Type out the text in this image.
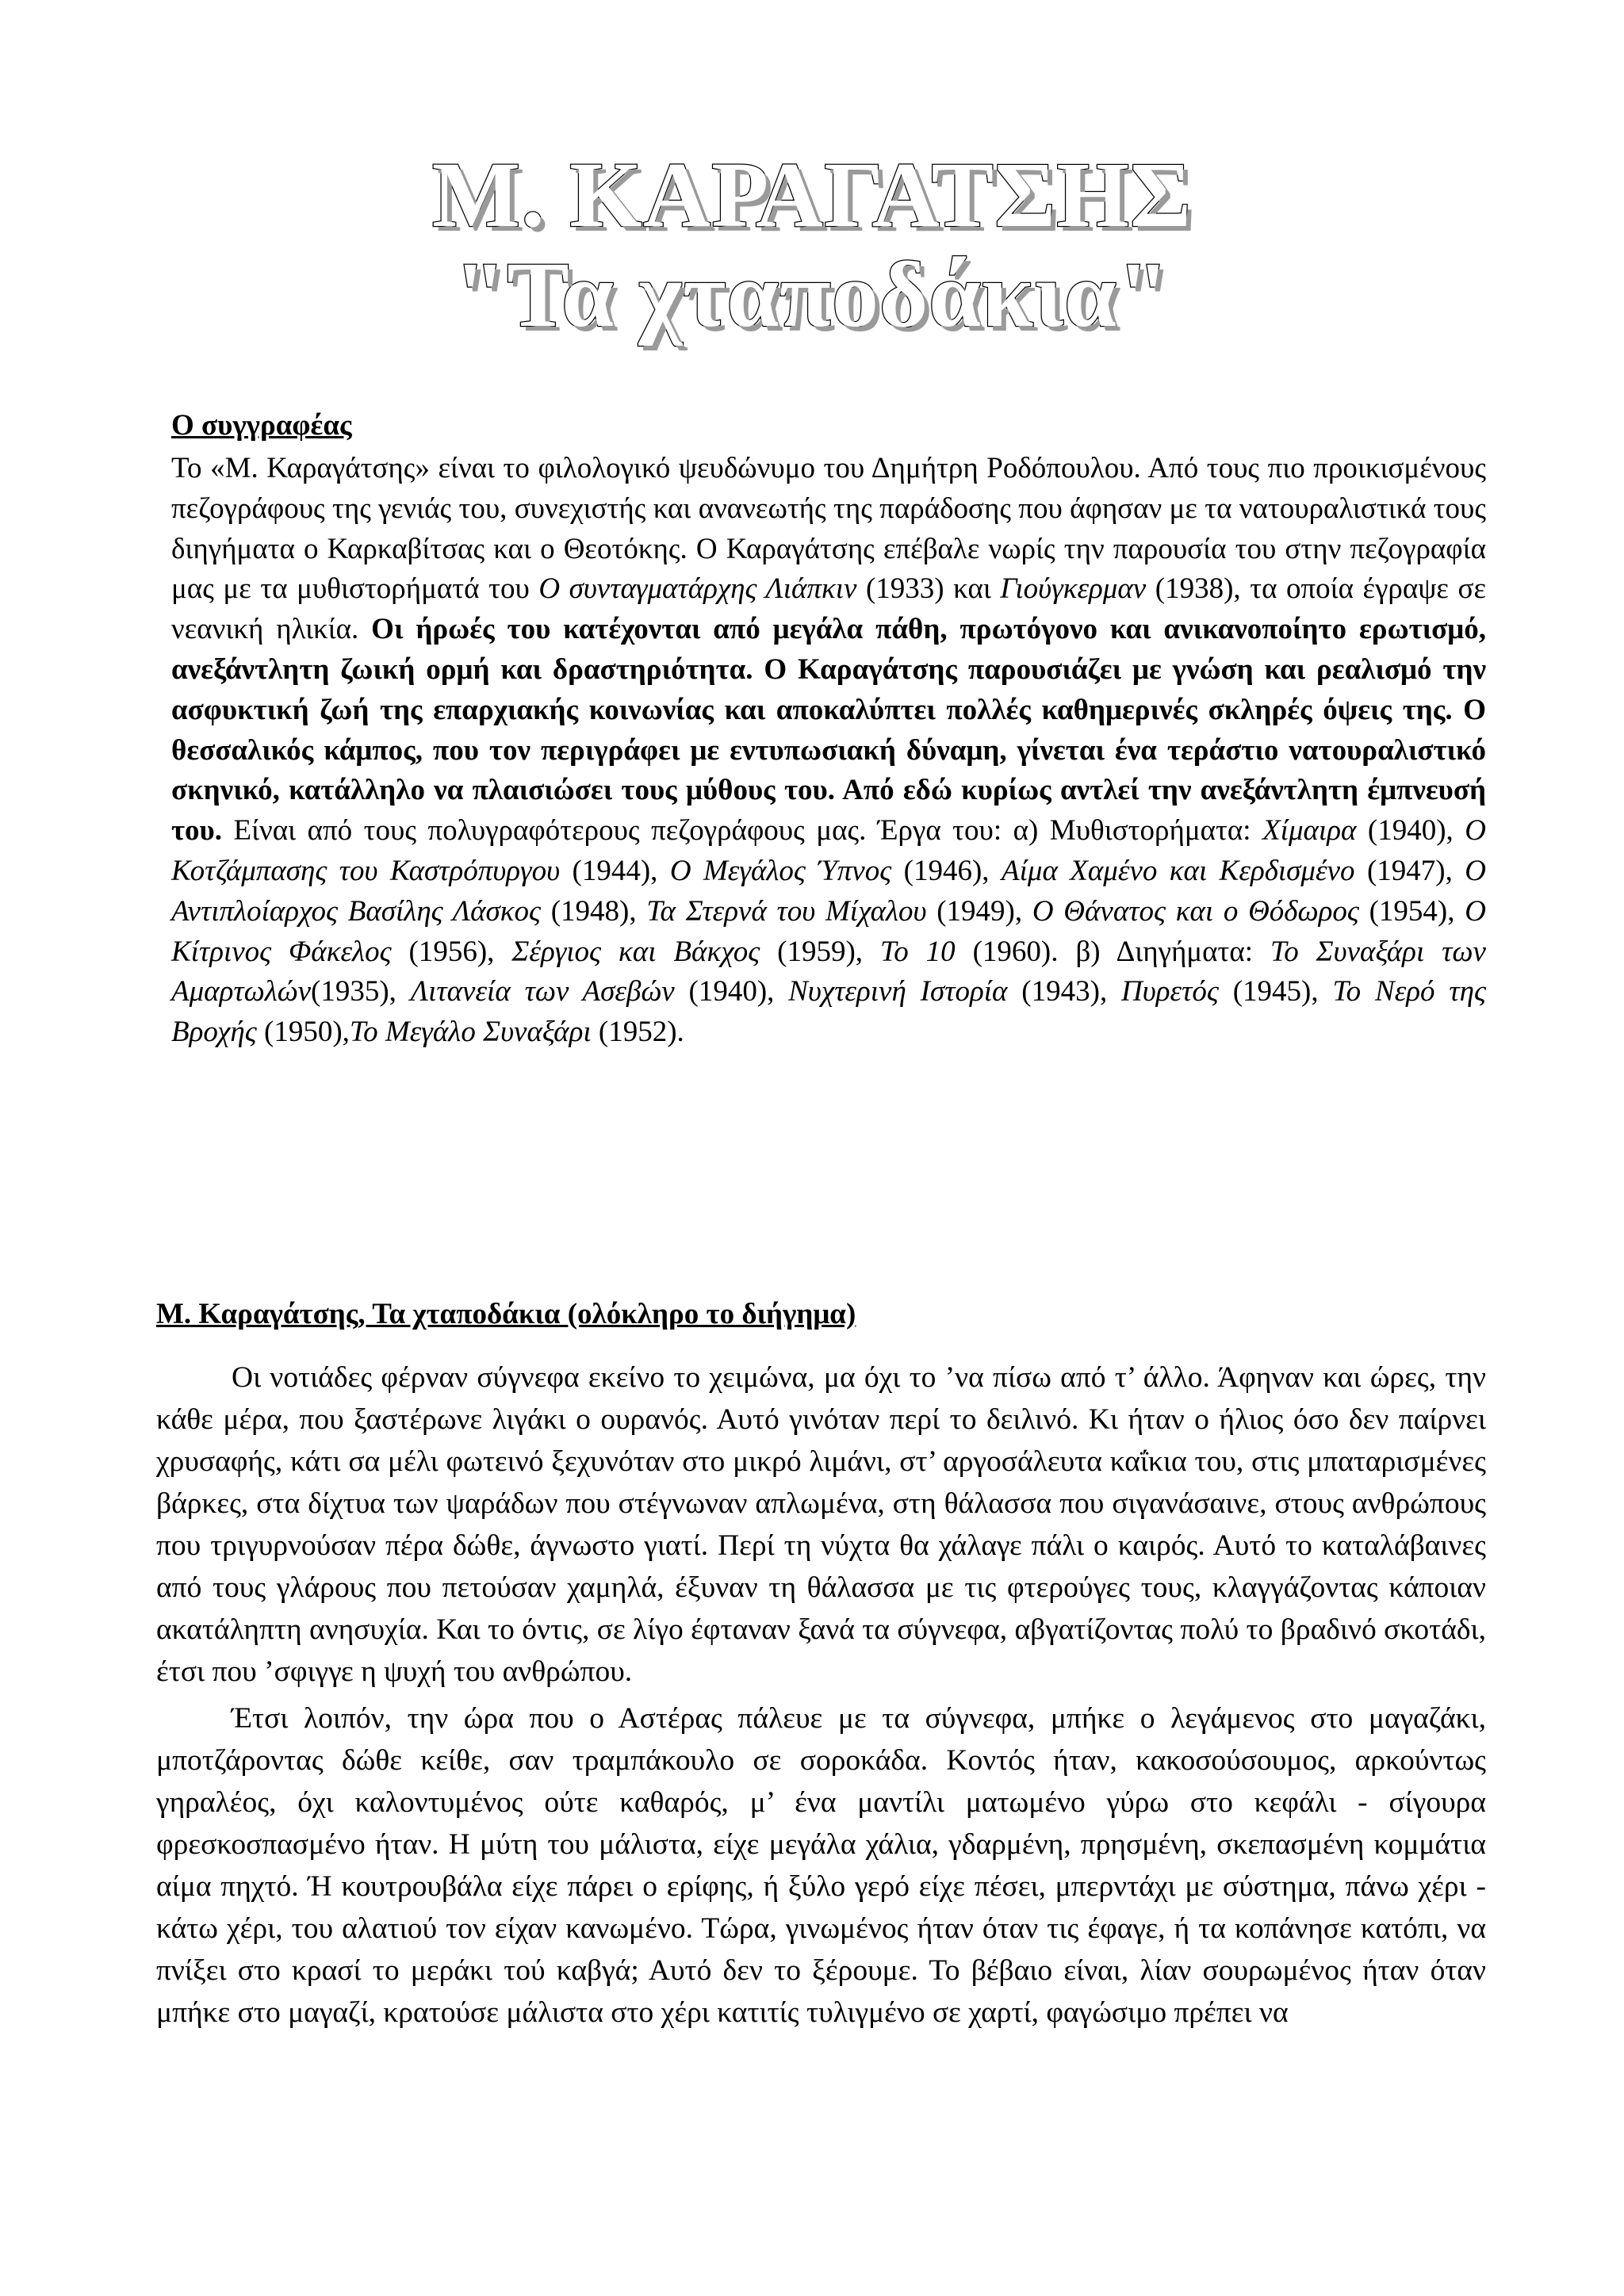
Μ. ΚΑΡΑΓΑΤΣΗΣ
"Τα χταποδάκια"
Ο συγγραφέας

Το «Μ. Καραγάτσης» είναι το φιλολογικό ψευδώνυμο του Δημήτρη Ροδόπουλου. Από τους πιο προικισμένους πεζογράφους της γενιάς του, συνεχιστής και ανανεωτής της παράδοσης που άφησαν με τα νατουραλιστικά τους διηγήματα ο Καρκαβίτσας και ο Θεοτόκης. Ο Καραγάτσης επέβαλε νωρίς την παρουσία του στην πεζογραφία μας με τα μυθιστορήματά του Ο συνταγματάρχης Λιάπκιν (1933) και Γιούγκερμαν (1938), τα οποία έγραψε σε νεανική ηλικία. Οι ήρωές του κατέχονται από μεγάλα πάθη, πρωτόγονο και ανικανοποίητο ερωτισμό, ανεξάντλητη ζωική ορμή και δραστηριότητα. Ο Καραγάτσης παρουσιάζει με γνώση και ρεαλισμό την ασφυκτική ζωή της επαρχιακής κοινωνίας και αποκαλύπτει πολλές καθημερινές σκληρές όψεις της. Ο θεσσαλικός κάμπος, που τον περιγράφει με εντυπωσιακή δύναμη, γίνεται ένα τεράστιο νατουραλιστικό σκηνικό, κατάλληλο να πλαισιώσει τους μύθους του. Από εδώ κυρίως αντλεί την ανεξάντλητη έμπνευσή του. Είναι από τους πολυγραφότερους πεζογράφους μας. Έργα του: α) Μυθιστορήματα: Χίμαιρα (1940), Ο Κοτζάμπασης του Καστρόπυργου (1944), Ο Μεγάλος Ύπνος (1946), Αίμα Χαμένο και Κερδισμένο (1947), Ο Αντιπλοίαρχος Βασίλης Λάσκος (1948), Τα Στερνά του Μίχαλου (1949), Ο Θάνατος και ο Θόδωρος (1954), Ο Κίτρινος Φάκελος (1956), Σέργιος και Βάκχος (1959), Το 10 (1960). β) Διηγήματα: Το Συναξάρι των Αμαρτωλών(1935), Λιτανεία των Ασεβών (1940), Νυχτερινή Ιστορία (1943), Πυρετός (1945), Το Νερό της Βροχής (1950),Το Μεγάλο Συναξάρι (1952).

Μ. Καραγάτσης, Τα χταποδάκια (ολόκληρο το διήγημα)

Οι νοτιάδες φέρναν σύγνεφα εκείνο το χειμώνα, μα όχι το ’να πίσω από τ’ άλλο. Άφηναν και ώρες, την κάθε μέρα, που ξαστέρωνε λιγάκι ο ουρανός. Αυτό γινόταν περί το δειλινό. Κι ήταν ο ήλιος όσο δεν παίρνει χρυσαφής, κάτι σα μέλι φωτεινό ξεχυνόταν στο μικρό λιμάνι, στ’ αργοσάλευτα καΐκια του, στις μπαταρισμένες βάρκες, στα δίχτυα των ψαράδων που στέγνωναν απλωμένα, στη θάλασσα που σιγανάσαινε, στους ανθρώπους που τριγυρνούσαν πέρα δώθε, άγνωστο γιατί. Περί τη νύχτα θα χάλαγε πάλι ο καιρός. Αυτό το καταλάβαινες από τους γλάρους που πετούσαν χαμηλά, έξυναν τη θάλασσα με τις φτερούγες τους, κλαγγάζοντας κάποιαν ακατάληπτη ανησυχία. Και το όντις, σε λίγο έφταναν ξανά τα σύγνεφα, αβγατίζοντας πολύ το βραδινό σκοτάδι, έτσι που ’σφιγγε η ψυχή του ανθρώπου.

Έτσι λοιπόν, την ώρα που ο Αστέρας πάλευε με τα σύγνεφα, μπήκε ο λεγάμενος στο μαγαζάκι, μποτζάροντας δώθε κείθε, σαν τραμπάκουλο σε σοροκάδα. Κοντός ήταν, κακοσούσουμος, αρκούντως γηραλέος, όχι καλοντυμένος ούτε καθαρός, μ’ ένα μαντίλι ματωμένο γύρω στο κεφάλι - σίγουρα φρεσκοσπασμένο ήταν. Η μύτη του μάλιστα, είχε μεγάλα χάλια, γδαρμένη, πρησμένη, σκεπασμένη κομμάτια αίμα πηχτό. Ή κουτρουβάλα είχε πάρει ο ερίφης, ή ξύλο γερό είχε πέσει, μπερντάχι με σύστημα, πάνω χέρι - κάτω χέρι, του αλατιού τον είχαν κανωμένο. Τώρα, γινωμένος ήταν όταν τις έφαγε, ή τα κοπάνησε κατόπι, να πνίξει στο κρασί το μεράκι τού καβγά; Αυτό δεν το ξέρουμε. Το βέβαιο είναι, λίαν σουρωμένος ήταν όταν μπήκε στο μαγαζί, κρατούσε μάλιστα στο χέρι κατιτίς τυλιγμένο σε χαρτί, φαγώσιμο πρέπει να
